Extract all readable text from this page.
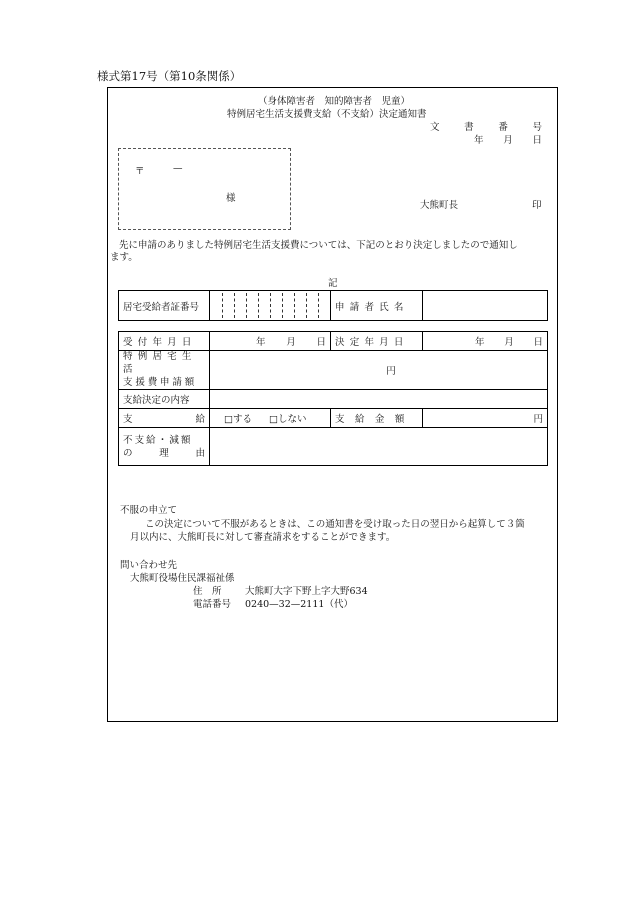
様式第17号（第10条関係）
（身体障害者　知的障害者　児童）
特例居宅生活支援費支給（不支給）決定通知書
文	書	番	号
年 月 日
〒	—
様
大熊町長	印
先に申請のありました特例居宅生活支援費については、下記のとおり決定しましたので通知し
ます。
記
居宅受給者証番号		申請者氏名	
受付年月日	年 月 日	決定年月日	年 月 日

特例居宅生活
支援費申請額	円		
支給決定の内容			

支 給	□する □しない	支給金額	円

不支給・減額
の 理 由			

不服の申立て
この決定について不服があるときは、この通知書を受け取った日の翌日から起算して３箇
月以内に、大熊町長に対して審査請求をすることができます。
問い合わせ先
大熊町役場住民課福祉係
住　所 大熊町大字下野上字大野634
電話番号 0240—32—2111（代）
